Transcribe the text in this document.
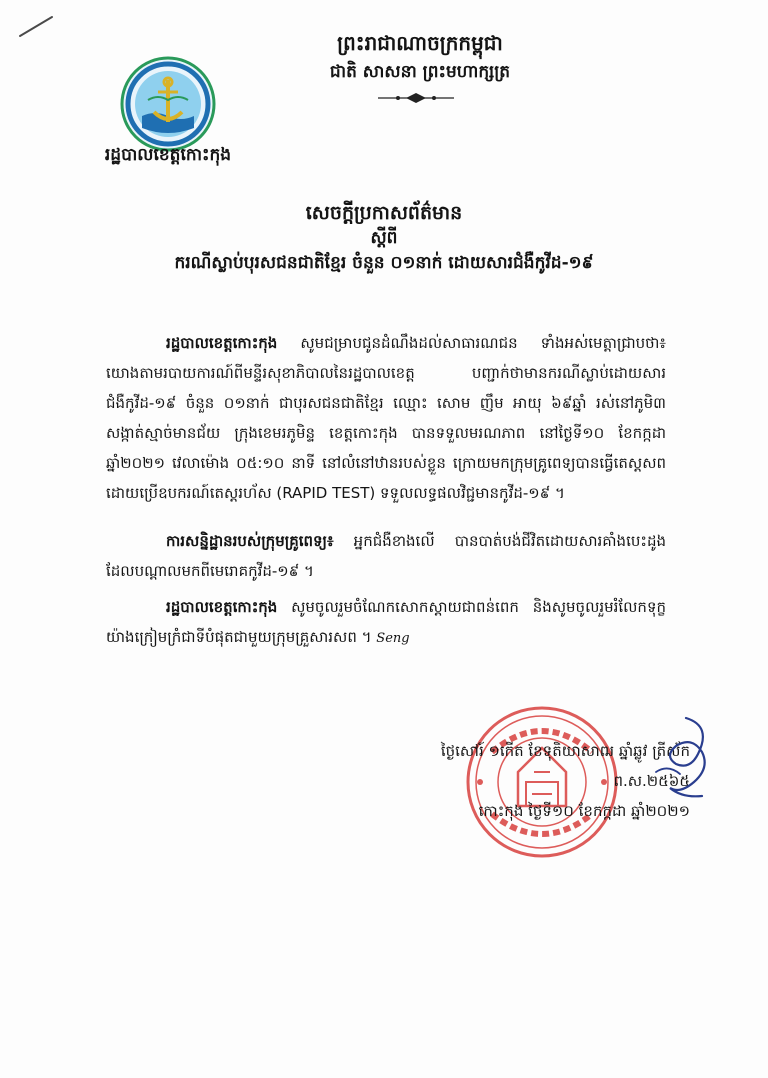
ព្រះរាជាណាចក្រកម្ពុជា
ជាតិ សាសនា ព្រះមហាក្សត្រ
រដ្ឋបាលខេត្តកោះកុង
សេចក្តីប្រកាសព័ត៌មាន
ស្តីពី
ករណីស្លាប់បុរសជនជាតិខ្មែរ ចំនួន ០១នាក់ ដោយសារជំងឺកូវីដ-១៩

រដ្ឋបាលខេត្តកោះកុង សូមជម្រាបជូនដំណឹងដល់សាធារណជន ទាំងអស់មេត្តាជ្រាបថា៖ យោងតាមរបាយការណ៍ពីមន្ទីរសុខាភិបាលនៃរដ្ឋបាលខេត្ត បញ្ជាក់ថាមានករណីស្លាប់ដោយសារជំងឺកូវីដ-១៩ ចំនួន ០១នាក់ ជាបុរសជនជាតិខ្មែរ ឈ្មោះ សោម ញឹម អាយុ ៦៩ឆ្នាំ រស់នៅភូមិ៣ សង្កាត់ស្មាច់មានជ័យ ក្រុងខេមរភូមិន្ទ ខេត្តកោះកុង បានទទួលមរណភាព នៅថ្ងៃទី១០ ខែកក្កដា ឆ្នាំ២០២១ វេលាម៉ោង ០៥:១០ នាទី នៅលំនៅឋានរបស់ខ្លួន ក្រោយមកក្រុមគ្រូពេទ្យបានធ្វើតេស្តសព ដោយប្រើឧបករណ៍តេស្តរហ័ស (RAPID TEST) ទទួលលទ្ធផលវិជ្ជមានកូវីដ-១៩ ។

ការសន្និដ្ឋានរបស់ក្រុមគ្រូពេទ្យ៖ អ្នកជំងឺខាងលើ បានបាត់បង់ជីវិតដោយសារគាំងបេះដូង ដែលបណ្តាលមកពីមេរោគកូវីដ-១៩ ។

រដ្ឋបាលខេត្តកោះកុង សូមចូលរួមចំណែកសោកស្តាយជាពន់ពេក និងសូមចូលរួមរំលែកទុក្ខយ៉ាងក្រៀមក្រំជាទីបំផុតជាមួយក្រុមគ្រួសារសព ។ Seng

ថ្ងៃសៅរ៍ ១កើត ខែទុតិយាសាឍ ឆ្នាំឆ្លូវ ត្រីស័ក ព.ស.២៥៦៥
កោះកុង ថ្ងៃទី១០ ខែកក្កដា ឆ្នាំ២០២១
